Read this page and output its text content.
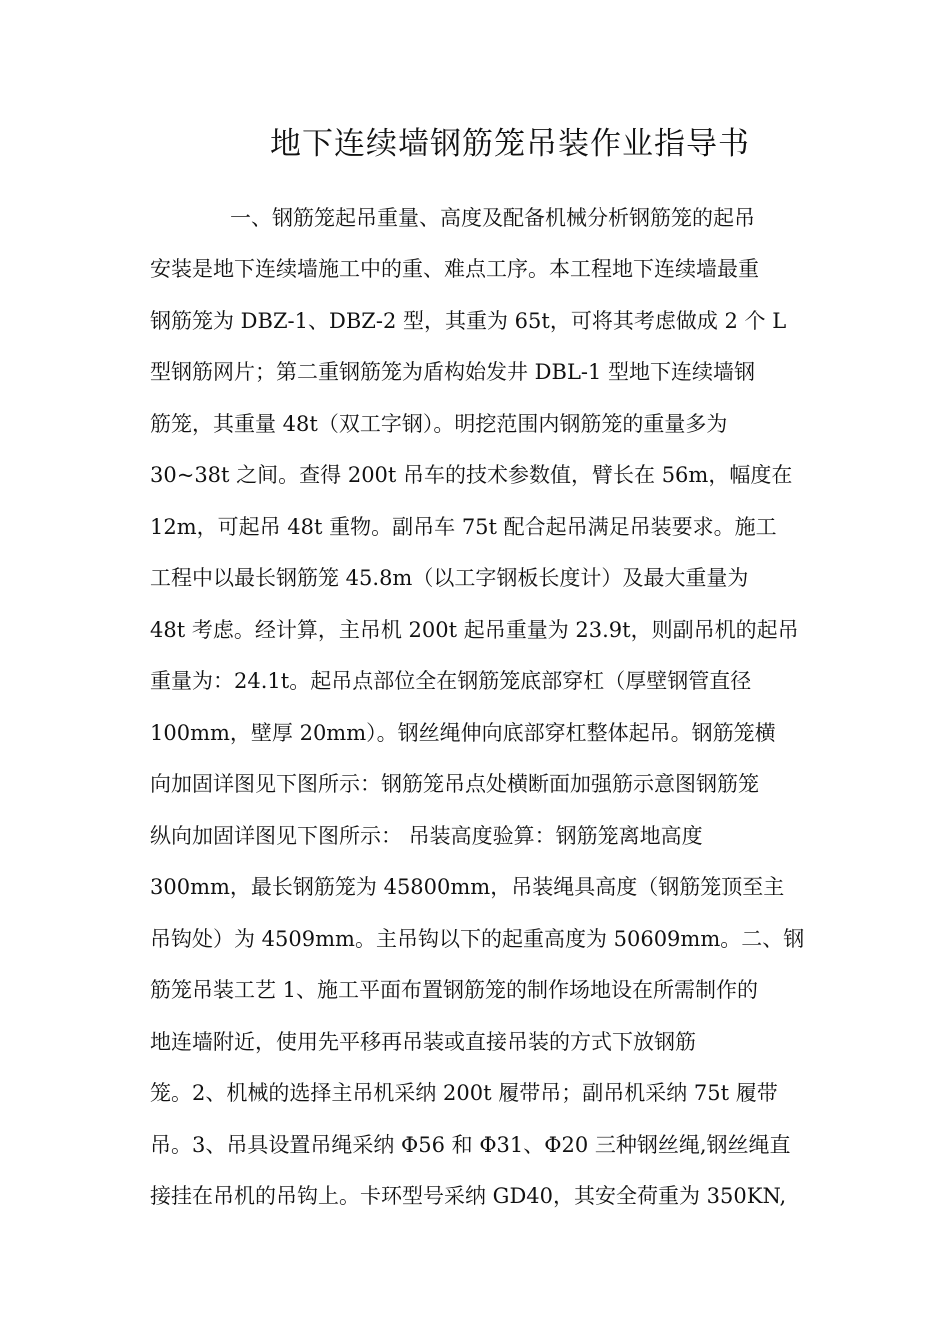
地下连续墙钢筋笼吊装作业指导书

一、钢筋笼起吊重量、高度及配备机械分析钢筋笼的起吊

安装是地下连续墙施工中的重、难点工序。本工程地下连续墙最重

钢筋笼为 DBZ-1、DBZ-2 型，其重为 65t，可将其考虑做成 2 个 L

型钢筋网片；第二重钢筋笼为盾构始发井 DBL-1 型地下连续墙钢

筋笼，其重量 48t（双工字钢）。明挖范围内钢筋笼的重量多为

30~38t 之间。查得 200t 吊车的技术参数值，臂长在 56m，幅度在

12m，可起吊 48t 重物。副吊车 75t 配合起吊满足吊装要求。施工

工程中以最长钢筋笼 45.8m（以工字钢板长度计）及最大重量为

48t 考虑。经计算，主吊机 200t 起吊重量为 23.9t，则副吊机的起吊

重量为：24.1t。起吊点部位全在钢筋笼底部穿杠（厚壁钢管直径

100mm，壁厚 20mm）。钢丝绳伸向底部穿杠整体起吊。钢筋笼横

向加固详图见下图所示：钢筋笼吊点处横断面加强筋示意图钢筋笼

纵向加固详图见下图所示： 吊装高度验算：钢筋笼离地高度

300mm，最长钢筋笼为 45800mm，吊装绳具高度（钢筋笼顶至主

吊钩处）为 4509mm。主吊钩以下的起重高度为 50609mm。二、钢

筋笼吊装工艺 1、施工平面布置钢筋笼的制作场地设在所需制作的

地连墙附近，使用先平移再吊装或直接吊装的方式下放钢筋

笼。2、机械的选择主吊机采纳 200t 履带吊；副吊机采纳 75t 履带

吊。3、吊具设置吊绳采纳 Φ56 和 Φ31、Φ20 三种钢丝绳,钢丝绳直

接挂在吊机的吊钩上。卡环型号采纳 GD40，其安全荷重为 350KN,
